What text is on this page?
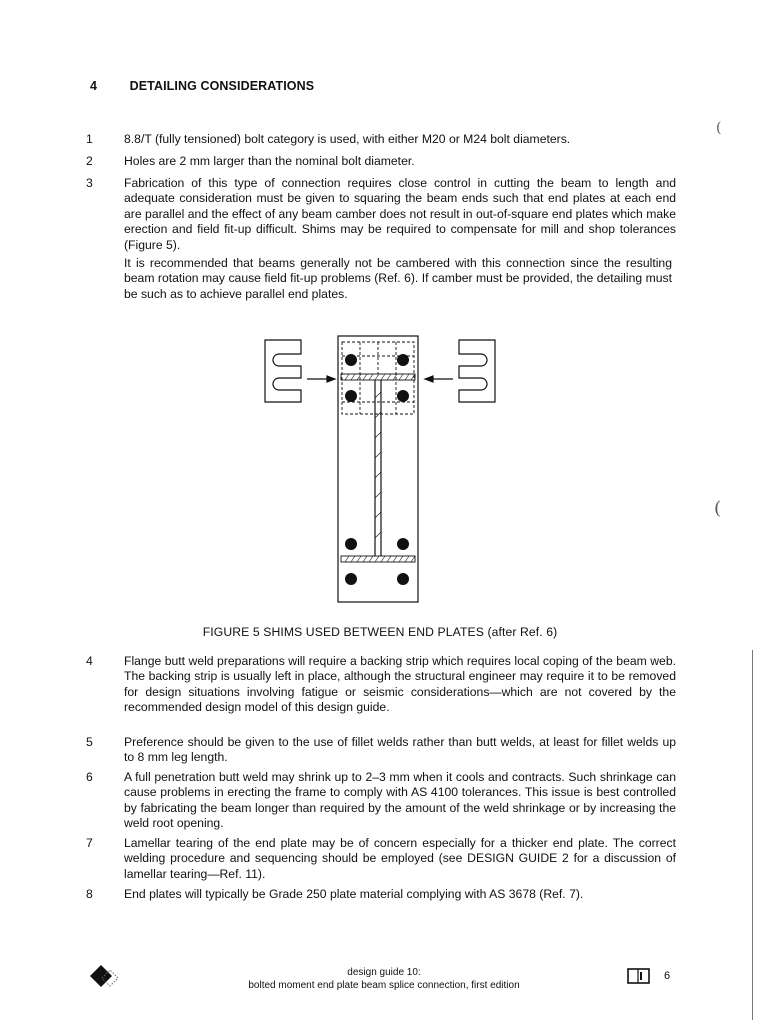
4	DETAILING CONSIDERATIONS
1	8.8/T (fully tensioned) bolt category is used, with either M20 or M24 bolt diameters.
2	Holes are 2 mm larger than the nominal bolt diameter.
3	Fabrication of this type of connection requires close control in cutting the beam to length and adequate consideration must be given to squaring the beam ends such that end plates at each end are parallel and the effect of any beam camber does not result in out-of-square end plates which make erection and field fit-up difficult. Shims may be required to compensate for mill and shop tolerances (Figure 5).
It is recommended that beams generally not be cambered with this connection since the resulting beam rotation may cause field fit-up problems (Ref. 6). If camber must be provided, the detailing must be such as to achieve parallel end plates.
FIGURE 5 SHIMS USED BETWEEN END PLATES (after Ref. 6)
4	Flange butt weld preparations will require a backing strip which requires local coping of the beam web. The backing strip is usually left in place, although the structural engineer may require it to be removed for design situations involving fatigue or seismic considerations—which are not covered by the recommended design model of this design guide.
5	Preference should be given to the use of fillet welds rather than butt welds, at least for fillet welds up to 8 mm leg length.
6	A full penetration butt weld may shrink up to 2–3 mm when it cools and contracts. Such shrinkage can cause problems in erecting the frame to comply with AS 4100 tolerances. This issue is best controlled by fabricating the beam longer than required by the amount of the weld shrinkage or by increasing the weld root opening.
7	Lamellar tearing of the end plate may be of concern especially for a thicker end plate. The correct welding procedure and sequencing should be employed (see DESIGN GUIDE 2 for a discussion of lamellar tearing—Ref. 11).
8	End plates will typically be Grade 250 plate material complying with AS 3678 (Ref. 7).
design guide 10:
bolted moment end plate beam splice connection, first edition
6
(
(
